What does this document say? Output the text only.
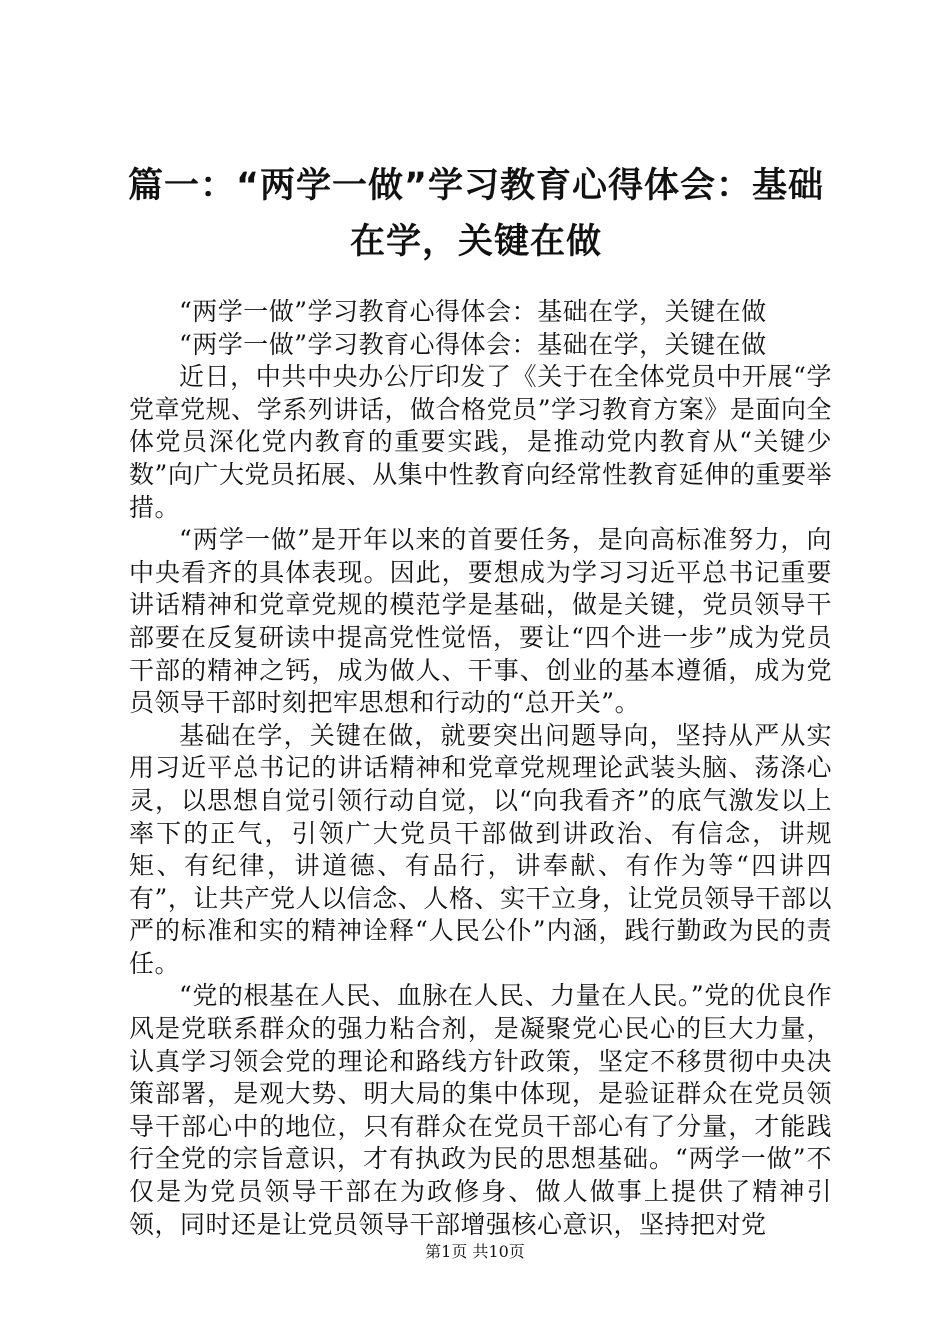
篇一：“两学一做”学习教育心得体会：基础
在学，关键在做

“两学一做”学习教育心得体会：基础在学，关键在做

“两学一做”学习教育心得体会：基础在学，关键在做

近日，中共中央办公厅印发了《关于在全体党员中开展“学党章党规、学系列讲话，做合格党员”学习教育方案》是面向全体党员深化党内教育的重要实践，是推动党内教育从“关键少数”向广大党员拓展、从集中性教育向经常性教育延伸的重要举措。

“两学一做”是开年以来的首要任务，是向高标准努力，向中央看齐的具体表现。因此，要想成为学习习近平总书记重要讲话精神和党章党规的模范学是基础，做是关键，党员领导干部要在反复研读中提高党性觉悟，要让“四个进一步”成为党员干部的精神之钙，成为做人、干事、创业的基本遵循，成为党员领导干部时刻把牢思想和行动的“总开关”。

基础在学，关键在做，就要突出问题导向，坚持从严从实用习近平总书记的讲话精神和党章党规理论武装头脑、荡涤心灵，以思想自觉引领行动自觉，以“向我看齐”的底气激发以上率下的正气，引领广大党员干部做到讲政治、有信念，讲规矩、有纪律，讲道德、有品行，讲奉献、有作为等“四讲四有”，让共产党人以信念、人格、实干立身，让党员领导干部以严的标准和实的精神诠释“人民公仆”内涵，践行勤政为民的责任。

“党的根基在人民、血脉在人民、力量在人民。”党的优良作风是党联系群众的强力粘合剂，是凝聚党心民心的巨大力量，认真学习领会党的理论和路线方针政策，坚定不移贯彻中央决策部署，是观大势、明大局的集中体现，是验证群众在党员领导干部心中的地位，只有群众在党员干部心有了分量，才能践行全党的宗旨意识，才有执政为民的思想基础。“两学一做”不仅是为党员领导干部在为政修身、做人做事上提供了精神引领，同时还是让党员领导干部增强核心意识，坚持把对党

第1页 共10页
